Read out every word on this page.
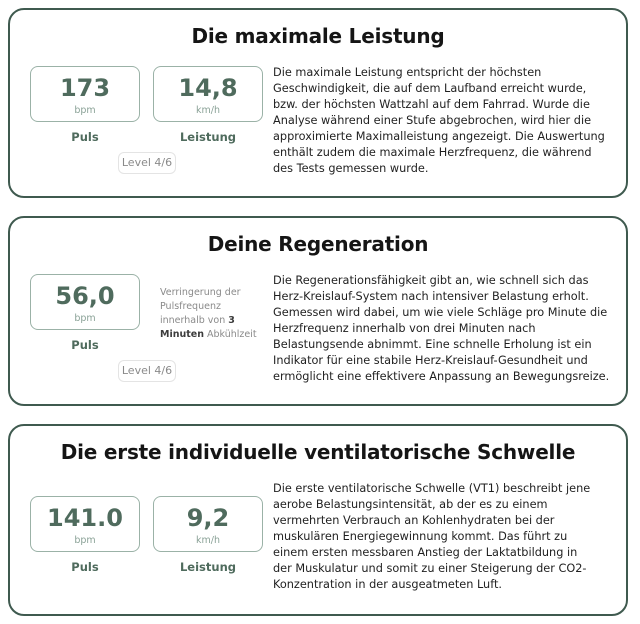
Die maximale Leistung
173
bpm
Puls
14,8
km/h
Leistung
Level 4/6

Die maximale Leistung entspricht der höchsten Geschwindigkeit, die auf dem Laufband erreicht wurde, bzw. der höchsten Wattzahl auf dem Fahrrad. Wurde die Analyse während einer Stufe abgebrochen, wird hier die approximierte Maximalleistung angezeigt. Die Auswertung enthält zudem die maximale Herzfrequenz, die während des Tests gemessen wurde.

Deine Regeneration
56,0
bpm
Puls

Verringerung der Pulsfrequenz innerhalb von 3 Minuten Abkühlzeit

Level 4/6

Die Regenerationsfähigkeit gibt an, wie schnell sich das Herz-Kreislauf-System nach intensiver Belastung erholt. Gemessen wird dabei, um wie viele Schläge pro Minute die Herzfrequenz innerhalb von drei Minuten nach Belastungsende abnimmt. Eine schnelle Erholung ist ein Indikator für eine stabile Herz-Kreislauf-Gesundheit und ermöglicht eine effektivere Anpassung an Bewegungsreize.

Die erste individuelle ventilatorische Schwelle
141.0
bpm
Puls
9,2
km/h
Leistung

Die erste ventilatorische Schwelle (VT1) beschreibt jene aerobe Belastungsintensität, ab der es zu einem vermehrten Verbrauch an Kohlenhydraten bei der muskulären Energiegewinnung kommt. Das führt zu einem ersten messbaren Anstieg der Laktatbildung in der Muskulatur und somit zu einer Steigerung der CO2-Konzentration in der ausgeatmeten Luft.
